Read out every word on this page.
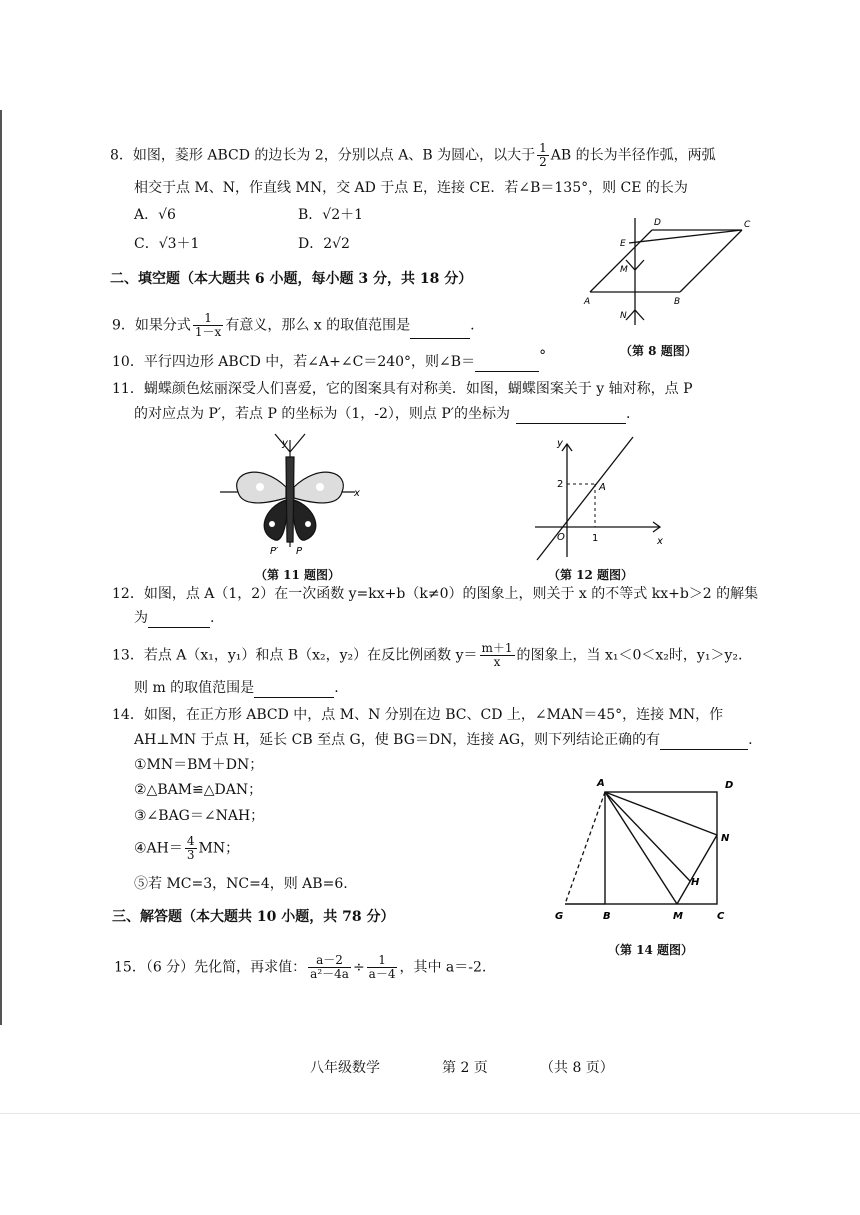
8．如图，菱形 ABCD 的边长为 2，分别以点 A、B 为圆心，以大于 $\frac{1}{2}$ AB 的长为半径作弧，两弧
相交于点 M、N，作直线 MN，交 AD 于点 E，连接 CE．若∠B＝135°，则 CE 的长为
A．√6	B．√2＋1
C．√3＋1	D．2√2
D	C
E
M
A	B
N
（第 8 题图）
二、填空题（本大题共 6 小题，每小题 3 分，共 18 分）
9．如果分式 $\frac{1}{1-x}$ 有意义，那么 x 的取值范围是	.
10．平行四边形 ABCD 中，若∠A+∠C＝240°，则∠B＝	°
11．蝴蝶颜色炫丽深受人们喜爱，它的图案具有对称美．如图，蝴蝶图案关于 y 轴对称，点 P
的对应点为 P′，若点 P 的坐标为（1，-2），则点 P′的坐标为	.
y
x
P′ P
（第 11 题图）
y
x
2	A
O	1
（第 12 题图）
12．如图，点 A（1，2）在一次函数 y=kx+b（k≠0）的图象上，则关于 x 的不等式 kx+b＞2 的解集
为	.
13．若点 A（x₁，y₁）和点 B（x₂，y₂）在反比例函数 $y= \frac{m+1}{x}$ 的图象上，当 x₁＜0＜x₂时，y₁＞y₂.
则 m 的取值范围是	.
14．如图，在正方形 ABCD 中，点 M、N 分别在边 BC、CD 上，∠MAN＝45°，连接 MN，作
AH⊥MN 于点 H，延长 CB 至点 G，使 BG＝DN，连接 AG，则下列结论正确的有	.
①MN＝BM＋DN；
②△BAM≌△DAN；
③∠BAG＝∠NAH；
④AH＝ $\frac{4}{3}$ MN；
⑤若 MC=3，NC=4，则 AB=6.
A	D
N
H
G	B	M	C
（第 14 题图）
三、解答题（本大题共 10 小题，共 78 分）
15．（6 分）先化简，再求值： $\frac{a-2}{\text{a²－4a}} \div \frac{1}{a-4}$ ，其中 a＝-2.
八年级数学	第 2 页	（共 8 页）
